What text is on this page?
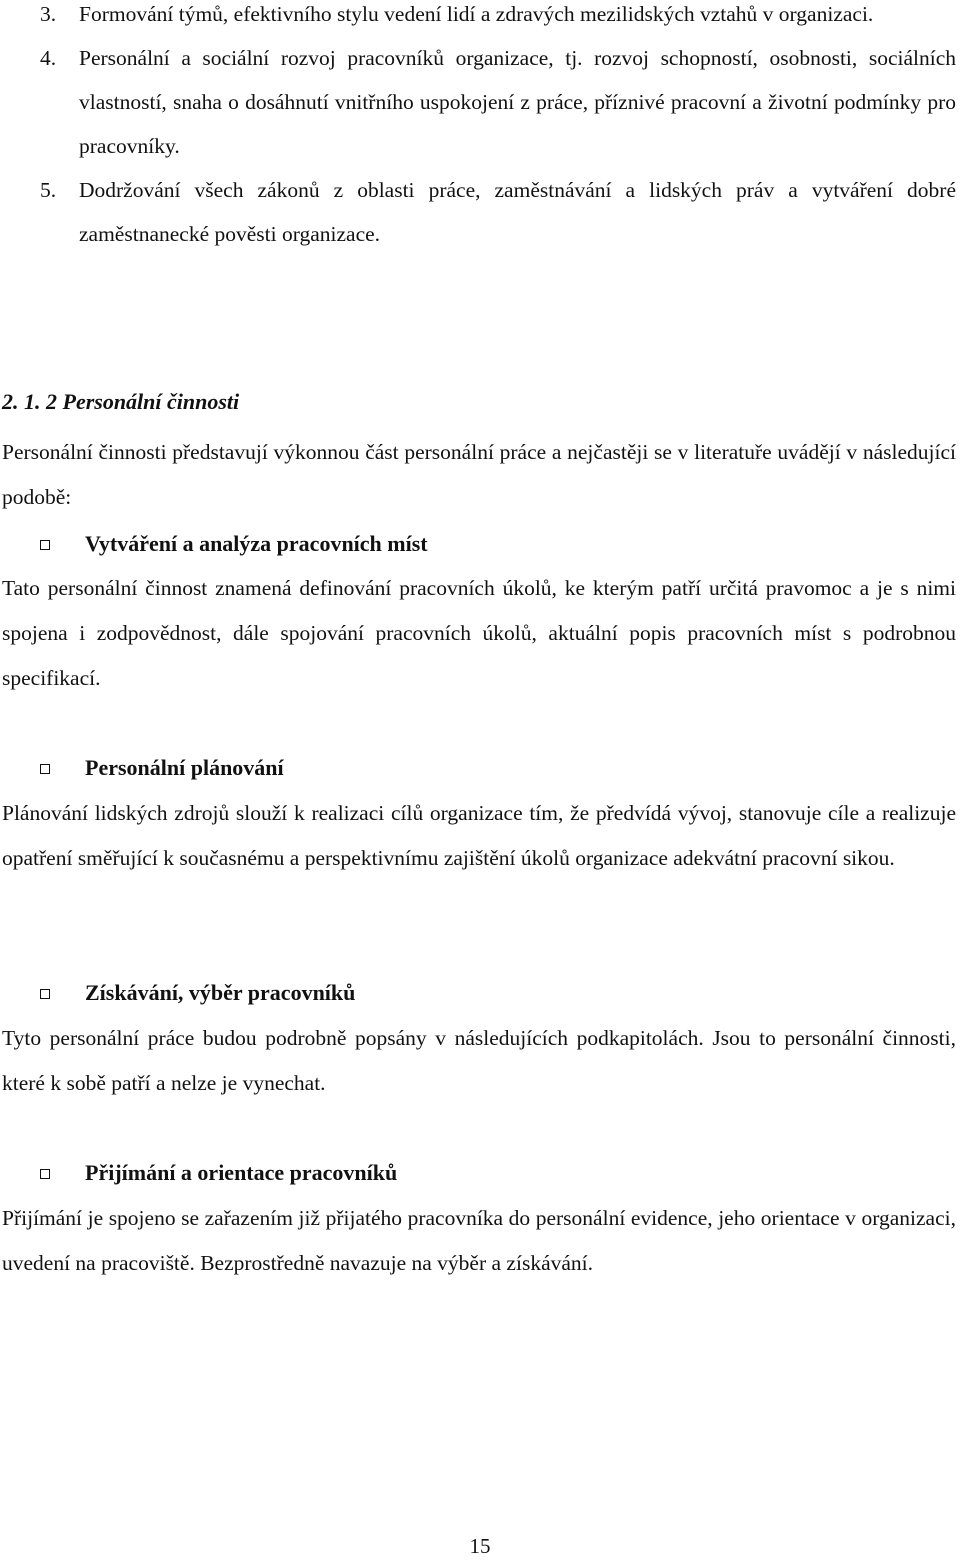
3. Formování týmů, efektivního stylu vedení lidí a zdravých mezilidských vztahů v organizaci.
4. Personální a sociální rozvoj pracovníků organizace, tj. rozvoj schopností, osobnosti, sociálních vlastností, snaha o dosáhnutí vnitřního uspokojení z práce, příznivé pracovní a životní podmínky pro pracovníky.
5. Dodržování všech zákonů z oblasti práce, zaměstnávání a lidských práv a vytváření dobré zaměstnanecké pověsti organizace.
2. 1. 2 Personální činnosti
Personální činnosti představují výkonnou část personální práce a nejčastěji se v literatuře uvádějí v následující podobě:
Vytváření a analýza pracovních míst
Tato personální činnost znamená definování pracovních úkolů, ke kterým patří určitá pravomoc a je s nimi spojena i zodpovědnost, dále spojování pracovních úkolů, aktuální popis pracovních míst s podrobnou specifikací.
Personální plánování
Plánování lidských zdrojů slouží k realizaci cílů organizace tím, že předvídá vývoj, stanovuje cíle a realizuje opatření směřující k současnému a perspektivnímu zajištění úkolů organizace adekvátní pracovní sikou.
Získávání, výběr pracovníků
Tyto personální práce budou podrobně popsány v následujících podkapitolách. Jsou to personální činnosti, které k sobě patří a nelze je vynechat.
Přijímání a orientace pracovníků
Přijímání je spojeno se zařazením již přijatého pracovníka do personální evidence, jeho orientace v organizaci, uvedení na pracoviště. Bezprostředně navazuje na výběr a získávání.
15
